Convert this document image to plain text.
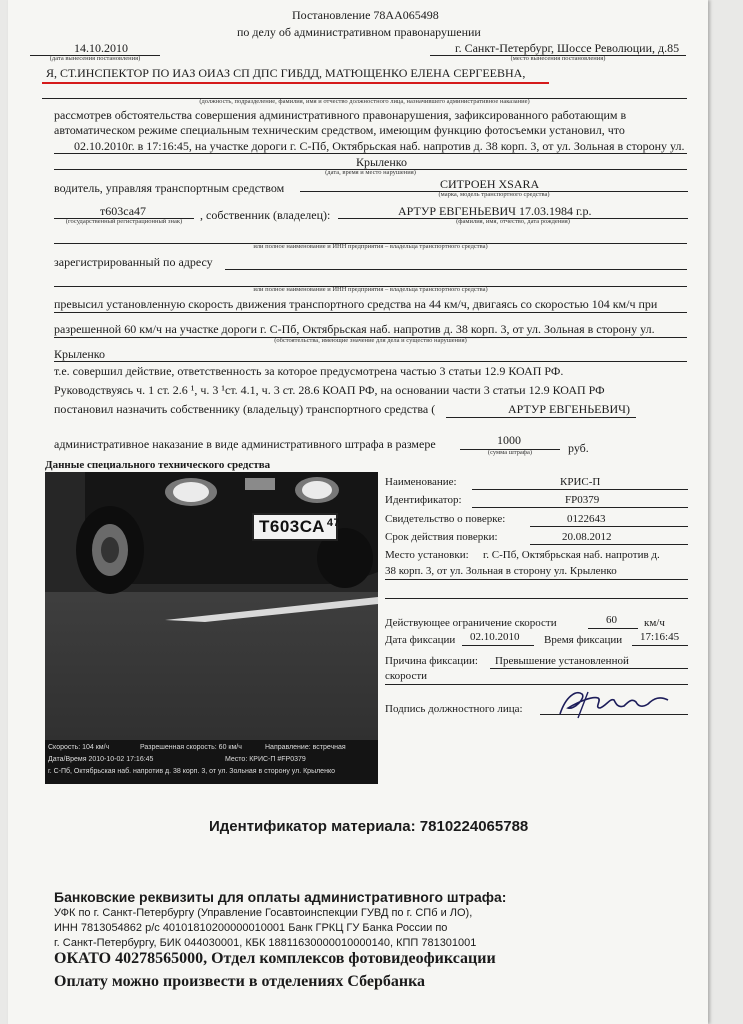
Постановление 78АА065498
по делу об административном правонарушении
14.10.2010
(дата вынесения постановления)
г. Санкт-Петербург, Шоссе Революции, д.85
(место вынесения постановления)
Я, СТ.ИНСПЕКТОР ПО ИАЗ ОИАЗ СП ДПС ГИБДД, МАТЮЩЕНКО ЕЛЕНА СЕРГЕЕВНА,
(должность, подразделение, фамилия, имя и отчество должностного лица, назначившего административное наказание)
рассмотрев обстоятельства совершения административного правонарушения, зафиксированного работающим в
автоматическом режиме специальным техническим средством, имеющим функцию фотосъемки установил, что
02.10.2010г. в 17:16:45, на участке дороги г. С-Пб, Октябрьская наб. напротив д. 38 корп. 3, от ул. Зольная в сторону ул.
Крыленко
(дата, время и место нарушения)
водитель, управляя транспортным средством	СИТРОЕН XSARA
(марка, модель транспортного средства)
т603са47
(государственный регистрационный знак)	, собственник (владелец):	АРТУР ЕВГЕНЬЕВИЧ 17.03.1984 г.р.
(фамилия, имя, отчество, дата рождения)
или полное наименование и ИНН предприятия – владельца транспортного средства)
зарегистрированный по адресу
или полное наименование и ИНН предприятия – владельца транспортного средства)
превысил установленную скорость движения транспортного средства на 44 км/ч, двигаясь со скоростью 104 км/ч при
разрешенной 60 км/ч на участке дороги г. С-Пб, Октябрьская наб. напротив д. 38 корп. 3, от ул. Зольная в сторону ул.
(обстоятельства, имеющие значение для дела и существо нарушения)
Крыленко
т.е. совершил действие, ответственность за которое предусмотрена частью 3 статьи 12.9 КОАП РФ.
Руководствуясь ч. 1 ст. 2.6 ¹, ч. 3 ¹ст. 4.1, ч. 3 ст. 28.6 КОАП РФ, на основании части 3 статьи 12.9 КОАП РФ
постановил назначить собственнику (владельцу) транспортного средства (	АРТУР ЕВГЕНЬЕВИЧ)
административное наказание в виде административного штрафа в размере	1000
(сумма штрафа)	руб.
Данные специального технического средства
Т603СА $^{47}$
Скорость: 104 км/ч	Разрешенная скорость: 60 км/ч	Направление: встречная
Дата/Время 2010-10-02 17:16:45	Место: КРИС-П #FP0379
г. С-Пб, Октябрьская наб. напротив д. 38 корп. 3, от ул. Зольная в сторону ул. Крыленко
Наименование:	КРИС-П
Идентификатор:	FP0379
Свидетельство о поверке:	0122643
Срок действия поверки:	20.08.2012
Место установки: г. С-Пб, Октябрьская наб. напротив д.
38 корп. 3, от ул. Зольная в сторону ул. Крыленко
Действующее ограничение скорости	60 км/ч
Дата фиксации 02.10.2010 Время фиксации 17:16:45
Причина фиксации: Превышение установленной
скорости
Подпись должностного лица:
Идентификатор материала: 7810224065788
Банковские реквизиты для оплаты административного штрафа:
УФК по г. Санкт-Петербургу (Управление Госавтоинспекции ГУВД по г. СПб и ЛО),
ИНН 7813054862 р/с 40101810200000010001 Банк ГРКЦ ГУ Банка России по
г. Санкт-Петербургу, БИК 044030001, КБК 18811630000010000140, КПП 781301001
ОКАТО 40278565000, Отдел комплексов фотовидеофиксации
Оплату можно произвести в отделениях Сбербанка
